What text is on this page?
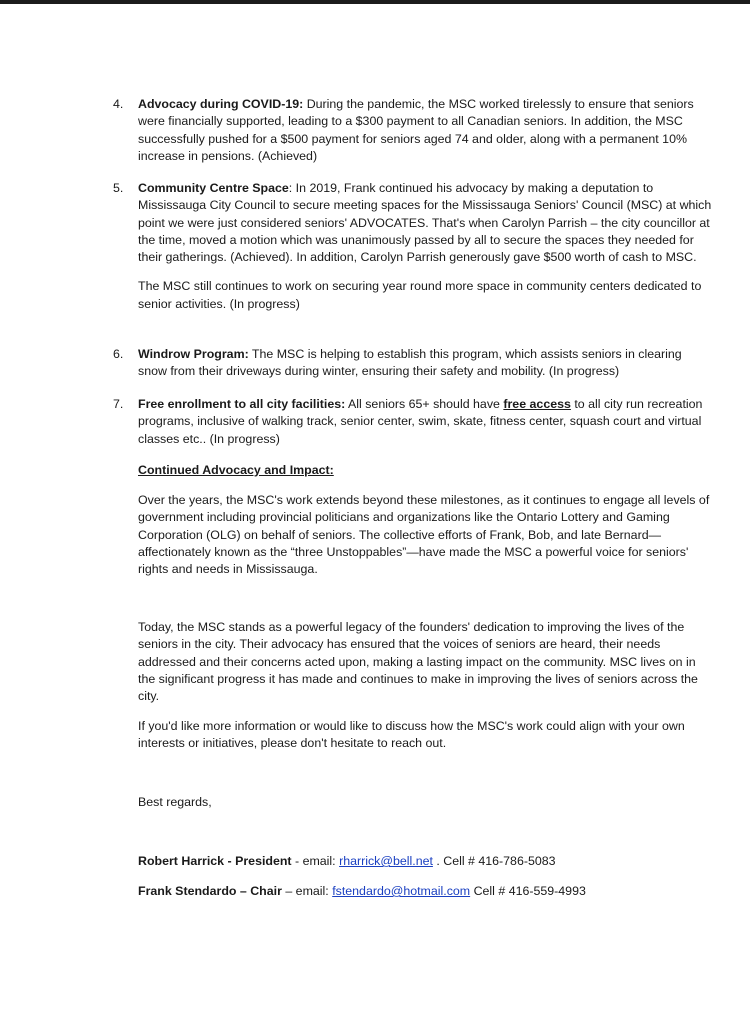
4.	Advocacy during COVID-19: During the pandemic, the MSC worked tirelessly to ensure that seniors were financially supported, leading to a $300 payment to all Canadian seniors. In addition, the MSC successfully pushed for a $500 payment for seniors aged 74 and older, along with a permanent 10% increase in pensions. (Achieved)

5.	Community Centre Space: In 2019, Frank continued his advocacy by making a deputation to Mississauga City Council to secure meeting spaces for the Mississauga Seniors' Council (MSC) at which point we were just considered seniors' ADVOCATES. That's when Carolyn Parrish – the city councillor at the time, moved a motion which was unanimously passed by all to secure the spaces they needed for their gatherings. (Achieved). In addition, Carolyn Parrish generously gave $500 worth of cash to MSC.

The MSC still continues to work on securing year round more space in community centers dedicated to senior activities. (In progress)

6.	Windrow Program: The MSC is helping to establish this program, which assists seniors in clearing snow from their driveways during winter, ensuring their safety and mobility. (In progress)

7.	Free enrollment to all city facilities: All seniors 65+ should have free access to all city run recreation programs, inclusive of walking track, senior center, swim, skate, fitness center, squash court and virtual classes etc.. (In progress)

Continued Advocacy and Impact:

Over the years, the MSC's work extends beyond these milestones, as it continues to engage all levels of government including provincial politicians and organizations like the Ontario Lottery and Gaming Corporation (OLG) on behalf of seniors. The collective efforts of Frank, Bob, and late Bernard—affectionately known as the “three Unstoppables”—have made the MSC a powerful voice for seniors' rights and needs in Mississauga.

Today, the MSC stands as a powerful legacy of the founders' dedication to improving the lives of the seniors in the city. Their advocacy has ensured that the voices of seniors are heard, their needs addressed and their concerns acted upon, making a lasting impact on the community. MSC lives on in the significant progress it has made and continues to make in improving the lives of seniors across the city.

If you'd like more information or would like to discuss how the MSC's work could align with your own interests or initiatives, please don't hesitate to reach out.

Best regards,

Robert Harrick - President - email: rharrick@bell.net . Cell # 416-786-5083
Frank Stendardo – Chair – email: fstendardo@hotmail.com Cell # 416-559-4993
